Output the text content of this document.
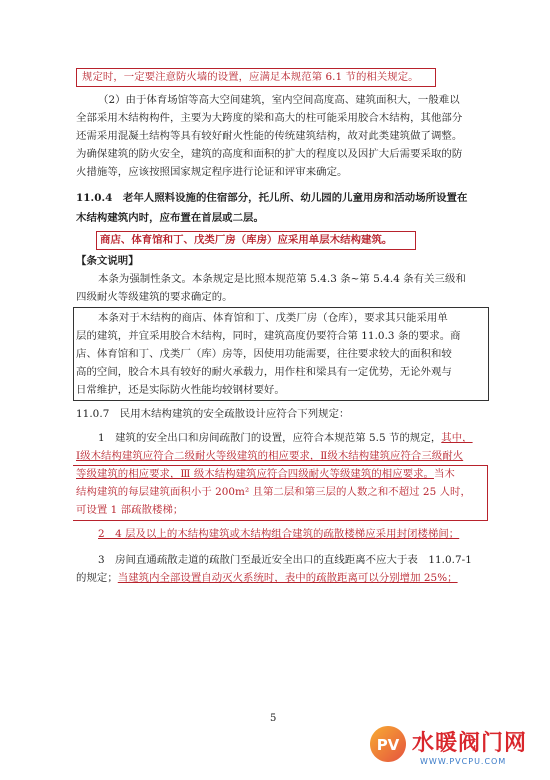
规定时，一定要注意防火墙的设置，应满足本规范第 6.1 节的相关规定。
（2）由于体育场馆等高大空间建筑，室内空间高度高、建筑面积大，一般难以
全部采用木结构构件，主要为大跨度的梁和高大的柱可能采用胶合木结构，其他部分
还需采用混凝土结构等具有较好耐火性能的传统建筑结构，故对此类建筑做了调整。
为确保建筑的防火安全，建筑的高度和面积的扩大的程度以及因扩大后需要采取的防
火措施等，应该按照国家规定程序进行论证和评审来确定。
11.0.4　老年人照料设施的住宿部分，托儿所、幼儿园的儿童用房和活动场所设置在
木结构建筑内时，应布置在首层或二层。
商店、体育馆和丁、戊类厂房（库房）应采用单层木结构建筑。
【条文说明】
本条为强制性条文。本条规定是比照本规范第 5.4.3 条~第 5.4.4 条有关三级和
四级耐火等级建筑的要求确定的。
本条对于木结构的商店、体育馆和丁、戊类厂房（仓库），要求其只能采用单
层的建筑，并宜采用胶合木结构，同时，建筑高度仍要符合第 11.0.3 条的要求。商
店、体育馆和丁、戊类厂（库）房等，因使用功能需要，往往要求较大的面积和较
高的空间，胶合木具有较好的耐火承载力，用作柱和梁具有一定优势，无论外观与
日常维护，还是实际防火性能均较钢材要好。
11.0.7　民用木结构建筑的安全疏散设计应符合下列规定：
1　建筑的安全出口和房间疏散门的设置，应符合本规范第 5.5 节的规定，其中，
Ⅰ级木结构建筑应符合二级耐火等级建筑的相应要求，Ⅱ级木结构建筑应符合三级耐火
等级建筑的相应要求，Ⅲ 级木结构建筑应符合四级耐火等级建筑的相应要求。当木
结构建筑的每层建筑面积小于 200m² 且第二层和第三层的人数之和不超过 25 人时，
可设置 1 部疏散楼梯；
2　4 层及以上的木结构建筑或木结构组合建筑的疏散楼梯应采用封闭楼梯间；
3　房间直通疏散走道的疏散门至最近安全出口的直线距离不应大于表　11.0.7-1
的规定；当建筑内全部设置自动灭火系统时，表中的疏散距离可以分别增加 25%；
5
PV 水暖阀门网
WWW.PVCPU.COM
